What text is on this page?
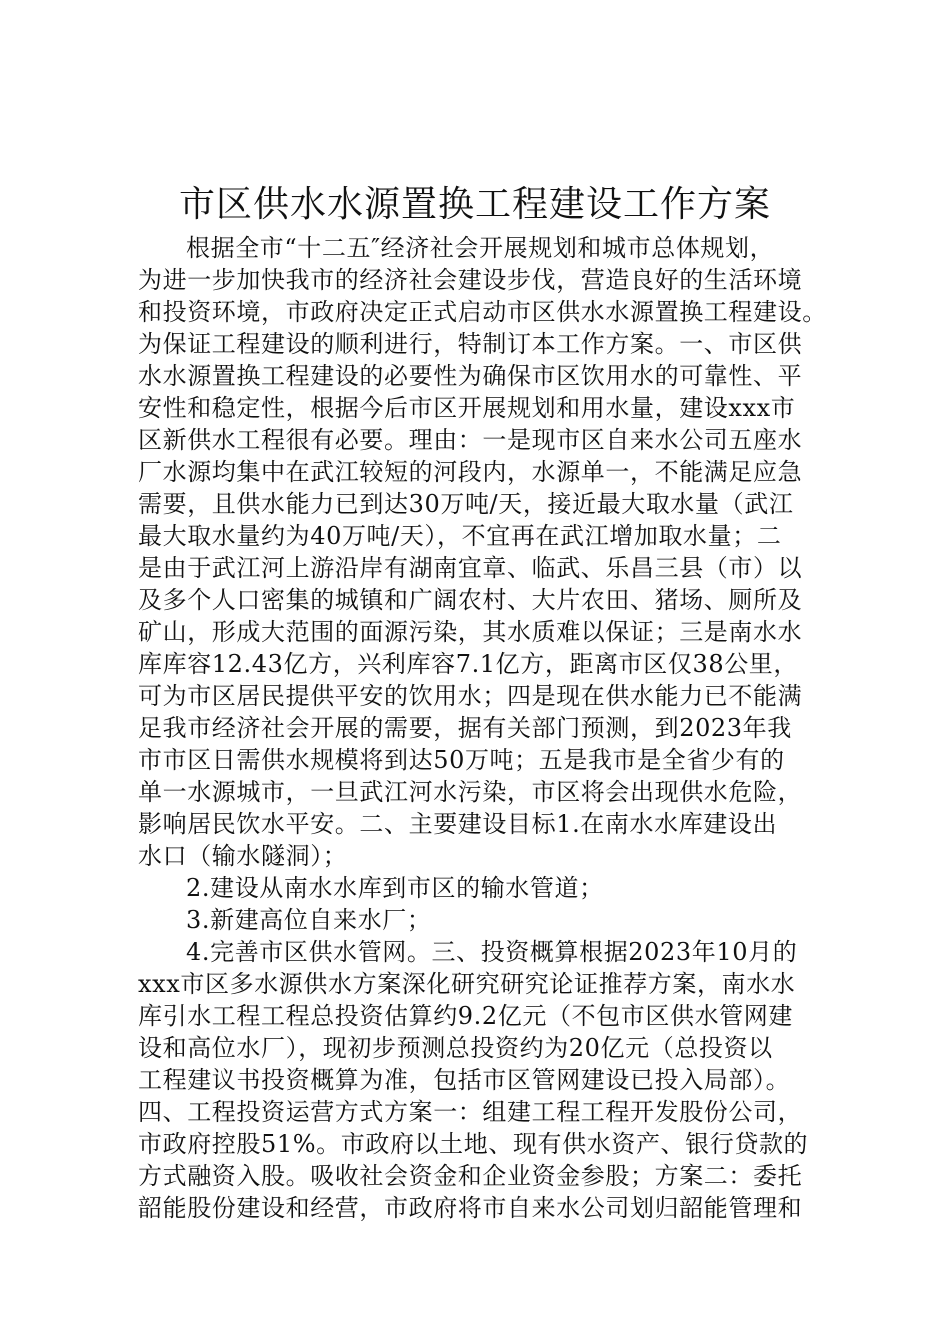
市区供水水源置换工程建设工作方案
根据全市“十二五″经济社会开展规划和城市总体规划，
为进一步加快我市的经济社会建设步伐，营造良好的生活环境
和投资环境，市政府决定正式启动市区供水水源置换工程建设。
为保证工程建设的顺利进行，特制订本工作方案。一、市区供
水水源置换工程建设的必要性为确保市区饮用水的可靠性、平
安性和稳定性，根据今后市区开展规划和用水量，建设xxx市
区新供水工程很有必要。理由：一是现市区自来水公司五座水
厂水源均集中在武江较短的河段内，水源单一，不能满足应急
需要，且供水能力已到达30万吨/天，接近最大取水量（武江
最大取水量约为40万吨/天），不宜再在武江增加取水量；二
是由于武江河上游沿岸有湖南宜章、临武、乐昌三县（市）以
及多个人口密集的城镇和广阔农村、大片农田、猪场、厕所及
矿山，形成大范围的面源污染，其水质难以保证；三是南水水
库库容12.43亿方，兴利库容7.1亿方，距离市区仅38公里，
可为市区居民提供平安的饮用水；四是现在供水能力已不能满
足我市经济社会开展的需要，据有关部门预测，到2023年我
市市区日需供水规模将到达50万吨；五是我市是全省少有的
单一水源城市，一旦武江河水污染，市区将会出现供水危险，
影响居民饮水平安。二、主要建设目标1.在南水水库建设出
水口（输水隧洞）；
2.建设从南水水库到市区的输水管道；
3.新建高位自来水厂；
4.完善市区供水管网。三、投资概算根据2023年10月的
xxx市区多水源供水方案深化研究研究论证推荐方案，南水水
库引水工程工程总投资估算约9.2亿元（不包市区供水管网建
设和高位水厂），现初步预测总投资约为20亿元（总投资以
工程建议书投资概算为准，包括市区管网建设已投入局部）。
四、工程投资运营方式方案一：组建工程工程开发股份公司，
市政府控股51%。市政府以土地、现有供水资产、银行贷款的
方式融资入股。吸收社会资金和企业资金参股；方案二：委托
韶能股份建设和经营，市政府将市自来水公司划归韶能管理和
